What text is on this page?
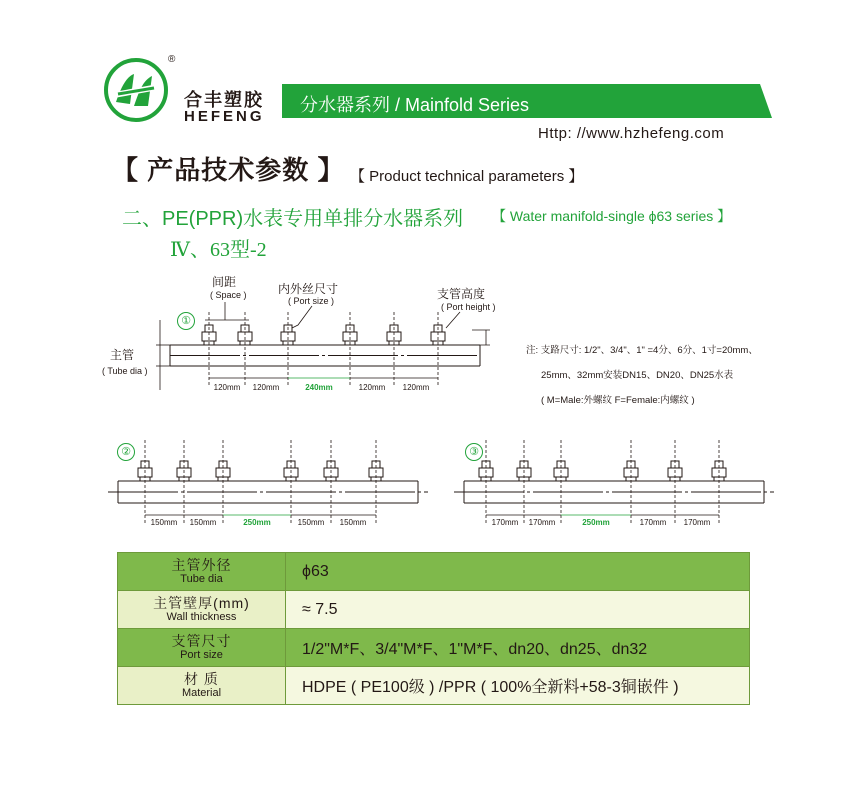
®
合丰塑胶
HEFENG
分水器系列 / Mainfold Series
Http: //www.hzhefeng.com
【 产品技术参数 】 【 Product technical parameters 】
二、PE(PPR)水表专用单排分水器系列 【 Water manifold-single ϕ63 series 】
Ⅳ、63型-2
间距
( Space )	内外丝尺寸
( Port size )	支管高度
( Port height )
主管
( Tube dia )
①
②	③
120mm 120mm	240mm	120mm 120mm
150mm 150mm	250mm	150mm 150mm	170mm 170mm	250mm	170mm 170mm
注: 支路尺寸: 1/2"、3/4"、1" =4分、6分、1寸=20mm、
25mm、32mm安装DN15、DN20、DN25水表
( M=Male:外螺纹 F=Female:内螺纹 )
主管外径
Tube dia	ϕ63

主管壁厚(mm)
Wall thickness	≈ 7.5

支管尺寸
Port size	1/2"M*F、3/4"M*F、1"M*F、dn20、dn25、dn32

材 质
Material	HDPE ( PE100级 ) /PPR ( 100%全新料+58-3铜嵌件 )
